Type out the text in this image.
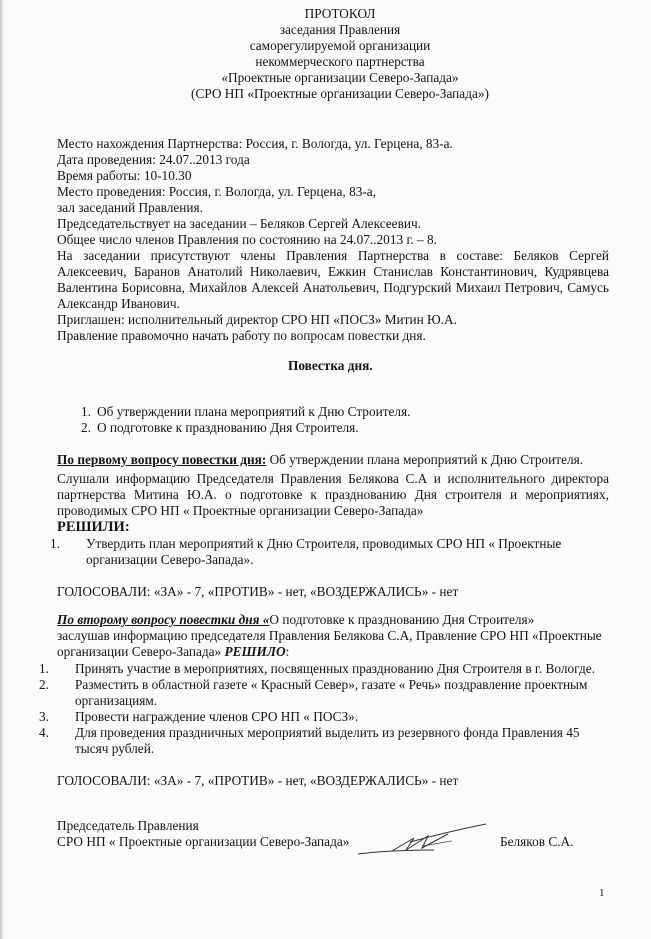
ПРОТОКОЛ
заседания Правления
саморегулируемой организации
некоммерческого партнерства
«Проектные организации Северо-Запада»
(СРО НП «Проектные организации Северо-Запада»)
Место нахождения Партнерства: Россия, г. Вологда, ул. Герцена, 83-а.
Дата проведения: 24.07..2013 года
Время работы: 10-10.30
Место проведения: Россия, г. Вологда, ул. Герцена, 83-а,
зал заседаний Правления.
Председательствует на заседании – Беляков Сергей Алексеевич.
Общее число членов Правления по состоянию на 24.07..2013 г. – 8.
На заседании присутствуют члены Правления Партнерства в составе: Беляков Сергей Алексеевич, Баранов Анатолий Николаевич, Ежкин Станислав Константинович, Кудрявцева Валентина Борисовна, Михайлов Алексей Анатольевич, Подгурский Михаил Петрович, Самусь Александр Иванович.
Приглашен: исполнительный директор СРО НП «ПОСЗ» Митин Ю.А.
Правление правомочно начать работу по вопросам повестки дня.
Повестка дня.
1. Об утверждении плана мероприятий к Дню Строителя.
2. О подготовке к празднованию Дня Строителя.
По первому вопросу повестки дня: Об утверждении плана мероприятий к Дню Строителя.
Слушали информацию Председателя Правления Белякова С.А и исполнительного директора партнерства Митина Ю.А. о подготовке к празднованию Дня строителя и мероприятиях, проводимых СРО НП « Проектные организации Северо-Запада»
РЕШИЛИ:
1. Утвердить план мероприятий к Дню Строителя, проводимых СРО НП « Проектные организации Северо-Запада».
ГОЛОСОВАЛИ: «ЗА» - 7, «ПРОТИВ» - нет, «ВОЗДЕРЖАЛИСЬ» - нет
По второму вопросу повестки дня «О подготовке к празднованию Дня Строителя»
заслушав информацию председателя Правления Белякова С.А, Правление СРО НП «Проектные организации Северо-Запада» РЕШИЛО:
1. Принять участие в мероприятиях, посвященных празднованию Дня Строителя в г. Вологде.
2. Разместить в областной газете « Красный Север», газате « Речь» поздравление проектным организациям.
3. Провести награждение членов СРО НП « ПОСЗ».
4. Для проведения праздничных мероприятий выделить из резервного фонда Правления 45 тысяч рублей.
ГОЛОСОВАЛИ: «ЗА» - 7, «ПРОТИВ» - нет, «ВОЗДЕРЖАЛИСЬ» - нет
Председатель Правления
СРО НП « Проектные организации Северо-Запада»	Беляков С.А.
1
